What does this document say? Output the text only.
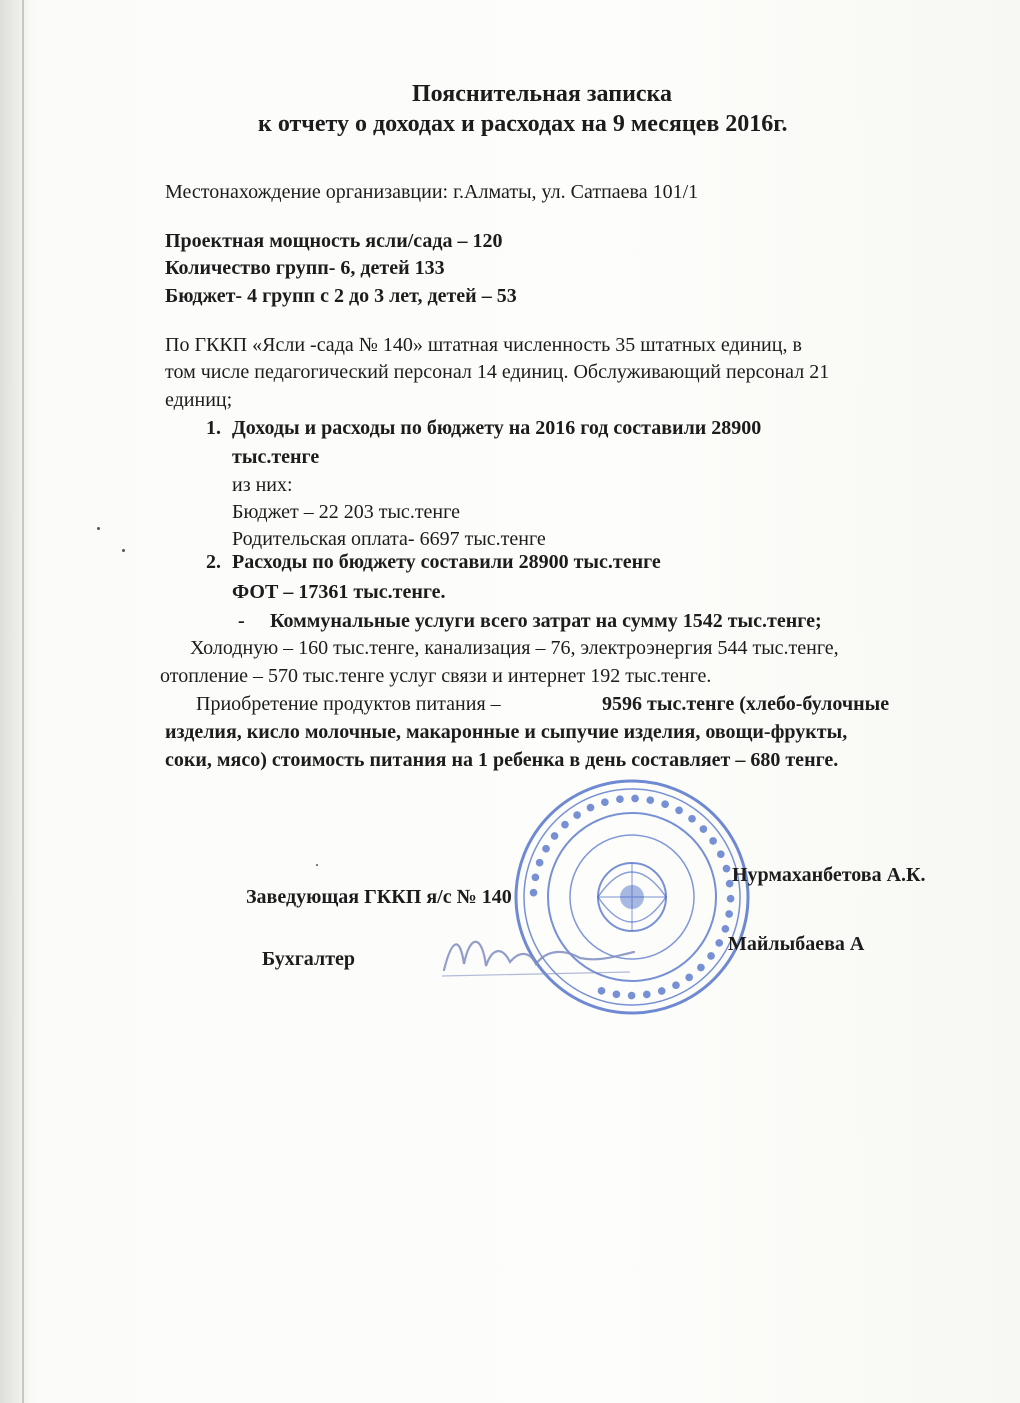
Пояснительная записка
к отчету о доходах и расходах на 9 месяцев 2016г.
Местонахождение организавции: г.Алматы, ул. Сатпаева 101/1
Проектная мощность ясли/сада – 120
Количество групп- 6, детей 133
Бюджет- 4 групп с 2 до 3 лет, детей – 53
По ГККП «Ясли -сада № 140» штатная численность 35 штатных единиц, в
том числе педагогический персонал 14 единиц. Обслуживающий персонал 21
единиц;
1. Доходы и расходы по бюджету на 2016 год составили 28900
тыс.тенге
из них:
Бюджет – 22 203 тыс.тенге
Родительская оплата- 6697 тыс.тенге
2. Расходы по бюджету составили 28900 тыс.тенге
ФОТ – 17361 тыс.тенге.
- Коммунальные услуги всего затрат на сумму 1542 тыс.тенге;
Холодную – 160 тыс.тенге, канализация – 76, электроэнергия 544 тыс.тенге,
отопление – 570 тыс.тенге услуг связи и интернет 192 тыс.тенге.
Приобретение продуктов питания –	9596 тыс.тенге (хлебо-булочные
изделия, кисло молочные, макаронные и сыпучие изделия, овощи-фрукты,
соки, мясо) стоимость питания на 1 ребенка в день составляет – 680 тенге.
● ● ● ● ● ● ● ● ● ● ● ● ● ● ● ● ● ● ● ● ● ● ● ● ● ● ● ● ● ● ● ● ●
Заведующая ГККП я/с № 140
Нурмаханбетова А.К.
Бухгалтер
Майлыбаева А
